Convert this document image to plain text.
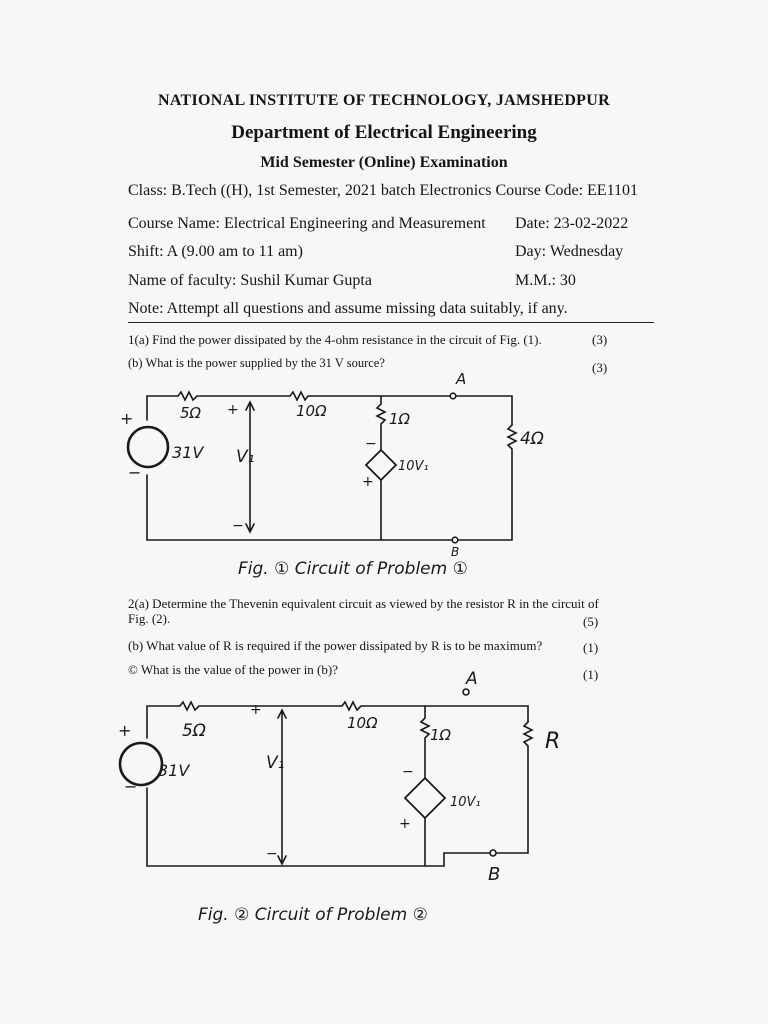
NATIONAL INSTITUTE OF TECHNOLOGY, JAMSHEDPUR
Department of Electrical Engineering
Mid Semester (Online) Examination
Class: B.Tech ((H), 1st Semester, 2021 batch Electronics Course Code: EE1101
Course Name: Electrical Engineering and Measurement Date: 23-02-2022
Shift: A (9.00 am to 11 am)	Day: Wednesday
Name of faculty: Sushil Kumar Gupta	M.M.: 30
Note: Attempt all questions and assume missing data suitably, if any.
1(a) Find the power dissipated by the 4-ohm resistance in the circuit of Fig. (1).	(3)
(b) What is the power supplied by the 31 V source?	(3)
5Ω	10Ω	1Ω
4Ω
31V V₁	10V₁
A
B
+
−
+
−
−
+
Fig. ① Circuit of Problem ①
5Ω	10Ω
1Ω	R
31V	V₁
10V₁
A
B
+
−
+
−
−
+
Fig. ② Circuit of Problem ②
2(a) Determine the Thevenin equivalent circuit as viewed by the resistor R in the circuit of
Fig. (2).	(5)
(b) What value of R is required if the power dissipated by R is to be maximum?	(1)
© What is the value of the power in (b)?	(1)
